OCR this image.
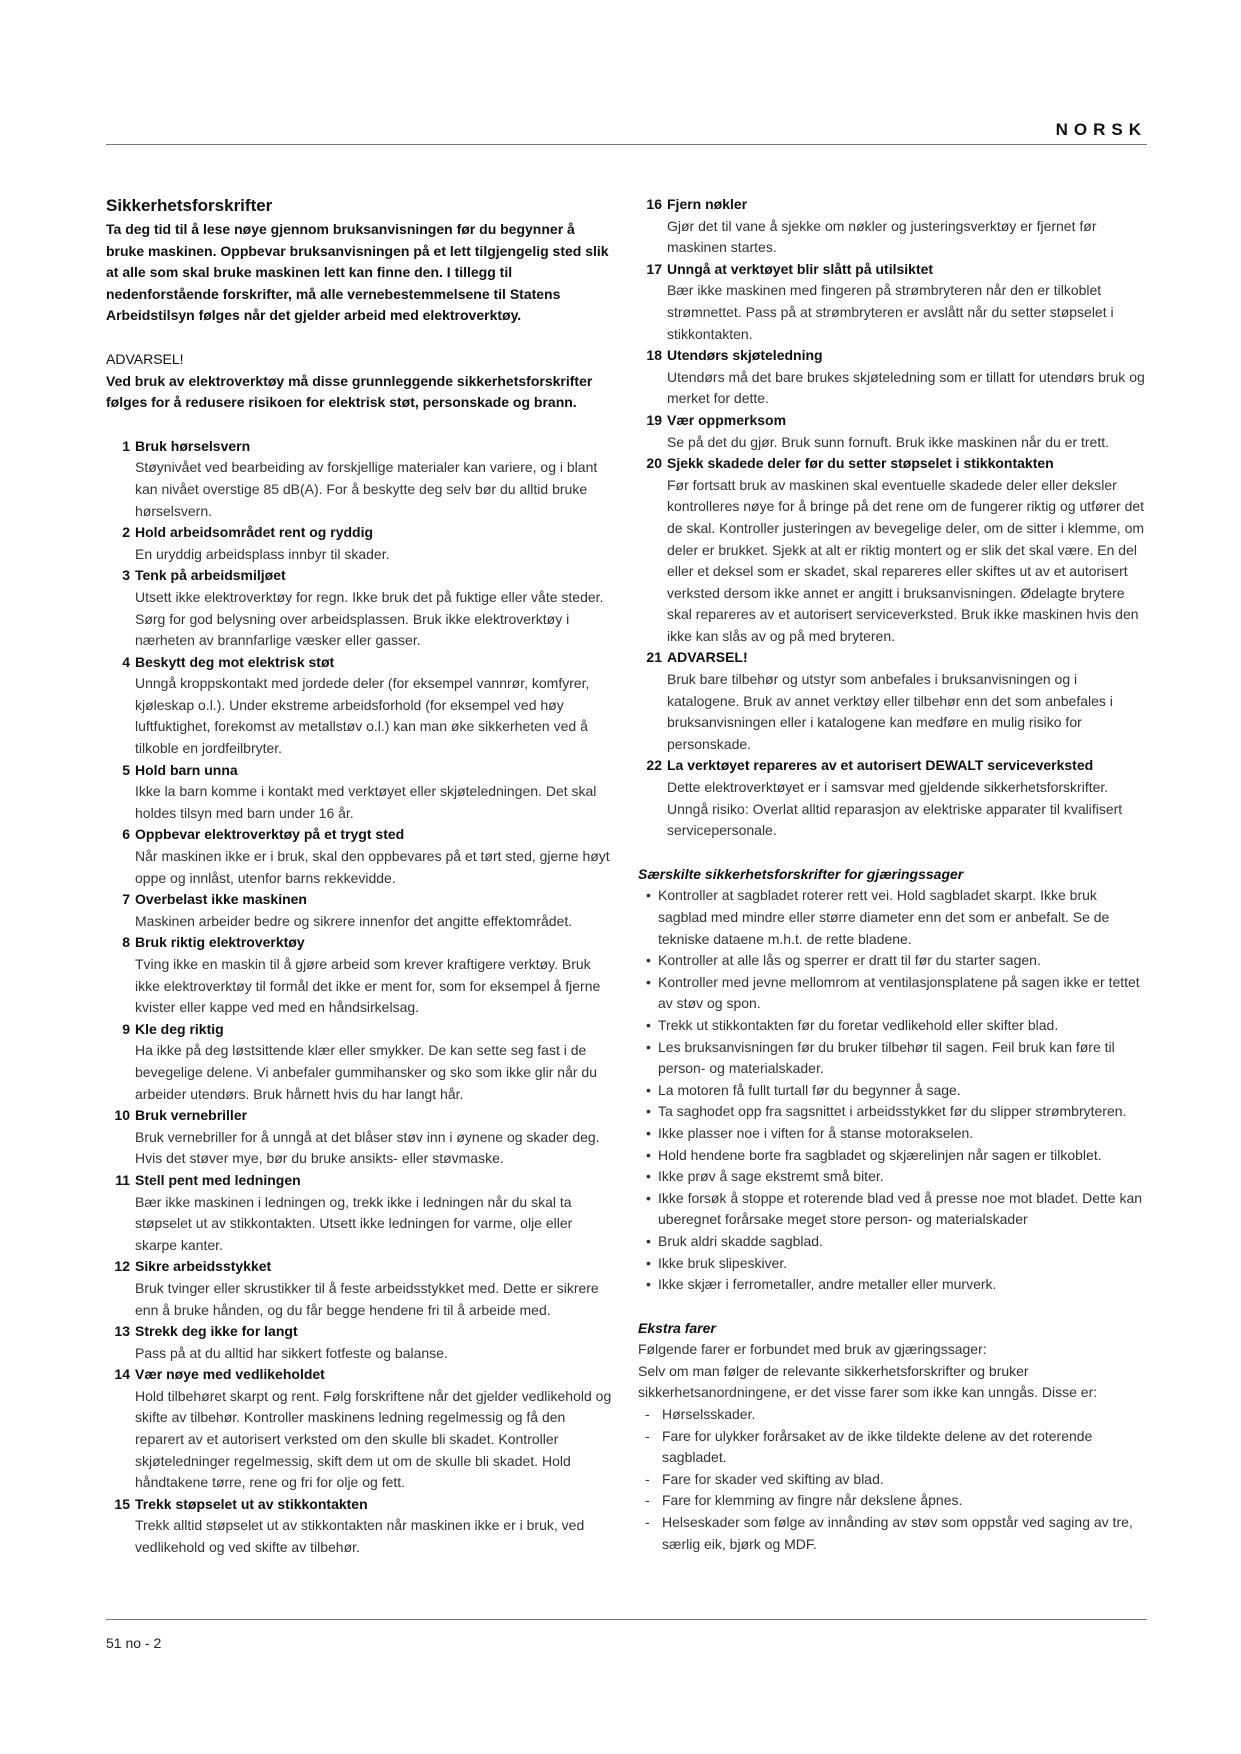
NORSK
Sikkerhetsforskrifter

Ta deg tid til å lese nøye gjennom bruksanvisningen før du begynner å bruke maskinen. Oppbevar bruksanvisningen på et lett tilgjengelig sted slik at alle som skal bruke maskinen lett kan finne den. I tillegg til nedenforstående forskrifter, må alle vernebestemmelsene til Statens Arbeidstilsyn følges når det gjelder arbeid med elektroverktøy.

ADVARSEL!

Ved bruk av elektroverktøy må disse grunnleggende sikkerhetsforskrifter følges for å redusere risikoen for elektrisk støt, personskade og brann.

1 Bruk hørselsvern
Støynivået ved bearbeiding av forskjellige materialer kan variere, og i blant kan nivået overstige 85 dB(A). For å beskytte deg selv bør du alltid bruke hørselsvern.
2 Hold arbeidsområdet rent og ryddig
En uryddig arbeidsplass innbyr til skader.
3 Tenk på arbeidsmiljøet
Utsett ikke elektroverktøy for regn. Ikke bruk det på fuktige eller våte steder. Sørg for god belysning over arbeidsplassen. Bruk ikke elektroverktøy i nærheten av brannfarlige væsker eller gasser.
4 Beskytt deg mot elektrisk støt
Unngå kroppskontakt med jordede deler (for eksempel vannrør, komfyrer, kjøleskap o.l.). Under ekstreme arbeidsforhold (for eksempel ved høy luftfuktighet, forekomst av metallstøv o.l.) kan man øke sikkerheten ved å tilkoble en jordfeilbryter.
5 Hold barn unna
Ikke la barn komme i kontakt med verktøyet eller skjøteledningen. Det skal holdes tilsyn med barn under 16 år.
6 Oppbevar elektroverktøy på et trygt sted
Når maskinen ikke er i bruk, skal den oppbevares på et tørt sted, gjerne høyt oppe og innlåst, utenfor barns rekkevidde.
7 Overbelast ikke maskinen
Maskinen arbeider bedre og sikrere innenfor det angitte effektområdet.
8 Bruk riktig elektroverktøy
Tving ikke en maskin til å gjøre arbeid som krever kraftigere verktøy. Bruk ikke elektroverktøy til formål det ikke er ment for, som for eksempel å fjerne kvister eller kappe ved med en håndsirkelsag.
9 Kle deg riktig
Ha ikke på deg løstsittende klær eller smykker. De kan sette seg fast i de bevegelige delene. Vi anbefaler gummihansker og sko som ikke glir når du arbeider utendørs. Bruk hårnett hvis du har langt hår.
10 Bruk vernebriller
Bruk vernebriller for å unngå at det blåser støv inn i øynene og skader deg. Hvis det støver mye, bør du bruke ansikts- eller støvmaske.
11 Stell pent med ledningen
Bær ikke maskinen i ledningen og, trekk ikke i ledningen når du skal ta støpselet ut av stikkontakten. Utsett ikke ledningen for varme, olje eller skarpe kanter.
12 Sikre arbeidsstykket
Bruk tvinger eller skrustikker til å feste arbeidsstykket med. Dette er sikrere enn å bruke hånden, og du får begge hendene fri til å arbeide med.
13 Strekk deg ikke for langt
Pass på at du alltid har sikkert fotfeste og balanse.
14 Vær nøye med vedlikeholdet
Hold tilbehøret skarpt og rent. Følg forskriftene når det gjelder vedlikehold og skifte av tilbehør. Kontroller maskinens ledning regelmessig og få den reparert av et autorisert verksted om den skulle bli skadet. Kontroller skjøteledninger regelmessig, skift dem ut om de skulle bli skadet. Hold håndtakene tørre, rene og fri for olje og fett.
15 Trekk støpselet ut av stikkontakten
Trekk alltid støpselet ut av stikkontakten når maskinen ikke er i bruk, ved vedlikehold og ved skifte av tilbehør.
16 Fjern nøkler
Gjør det til vane å sjekke om nøkler og justeringsverktøy er fjernet før maskinen startes.
17 Unngå at verktøyet blir slått på utilsiktet
Bær ikke maskinen med fingeren på strømbryteren når den er tilkoblet strømnettet. Pass på at strømbryteren er avslått når du setter støpselet i stikkontakten.
18 Utendørs skjøteledning
Utendørs må det bare brukes skjøteledning som er tillatt for utendørs bruk og merket for dette.
19 Vær oppmerksom
Se på det du gjør. Bruk sunn fornuft. Bruk ikke maskinen når du er trett.
20 Sjekk skadede deler før du setter støpselet i stikkontakten
Før fortsatt bruk av maskinen skal eventuelle skadede deler eller deksler kontrolleres nøye for å bringe på det rene om de fungerer riktig og utfører det de skal. Kontroller justeringen av bevegelige deler, om de sitter i klemme, om deler er brukket. Sjekk at alt er riktig montert og er slik det skal være. En del eller et deksel som er skadet, skal repareres eller skiftes ut av et autorisert verksted dersom ikke annet er angitt i bruksanvisningen. Ødelagte brytere skal repareres av et autorisert serviceverksted. Bruk ikke maskinen hvis den ikke kan slås av og på med bryteren.
21 ADVARSEL!
Bruk bare tilbehør og utstyr som anbefales i bruksanvisningen og i katalogene. Bruk av annet verktøy eller tilbehør enn det som anbefales i bruksanvisningen eller i katalogene kan medføre en mulig risiko for personskade.
22 La verktøyet repareres av et autorisert DEWALT serviceverksted
Dette elektroverktøyet er i samsvar med gjeldende sikkerhetsforskrifter. Unngå risiko: Overlat alltid reparasjon av elektriske apparater til kvalifisert servicepersonale.
Særskilte sikkerhetsforskrifter for gjæringssager
• Kontroller at sagbladet roterer rett vei. Hold sagbladet skarpt. Ikke bruk sagblad med mindre eller større diameter enn det som er anbefalt. Se de tekniske dataene m.h.t. de rette bladene.
• Kontroller at alle lås og sperrer er dratt til før du starter sagen.
• Kontroller med jevne mellomrom at ventilasjonsplatene på sagen ikke er tettet av støv og spon.
• Trekk ut stikkontakten før du foretar vedlikehold eller skifter blad.
• Les bruksanvisningen før du bruker tilbehør til sagen. Feil bruk kan føre til person- og materialskader.
• La motoren få fullt turtall før du begynner å sage.
• Ta saghodet opp fra sagsnittet i arbeidsstykket før du slipper strømbryteren.
• Ikke plasser noe i viften for å stanse motorakselen.
• Hold hendene borte fra sagbladet og skjærelinjen når sagen er tilkoblet.
• Ikke prøv å sage ekstremt små biter.
• Ikke forsøk å stoppe et roterende blad ved å presse noe mot bladet. Dette kan uberegnet forårsake meget store person- og materialskader
• Bruk aldri skadde sagblad.
• Ikke bruk slipeskiver.
• Ikke skjær i ferrometaller, andre metaller eller murverk.
Ekstra farer

Følgende farer er forbundet med bruk av gjæringssager:

Selv om man følger de relevante sikkerhetsforskrifter og bruker sikkerhetsanordningene, er det visse farer som ikke kan unngås. Disse er:

- Hørselsskader.
- Fare for ulykker forårsaket av de ikke tildekte delene av det roterende sagbladet.
- Fare for skader ved skifting av blad.
- Fare for klemming av fingre når dekslene åpnes.
- Helseskader som følge av innånding av støv som oppstår ved saging av tre, særlig eik, bjørk og MDF.
51 no - 2
